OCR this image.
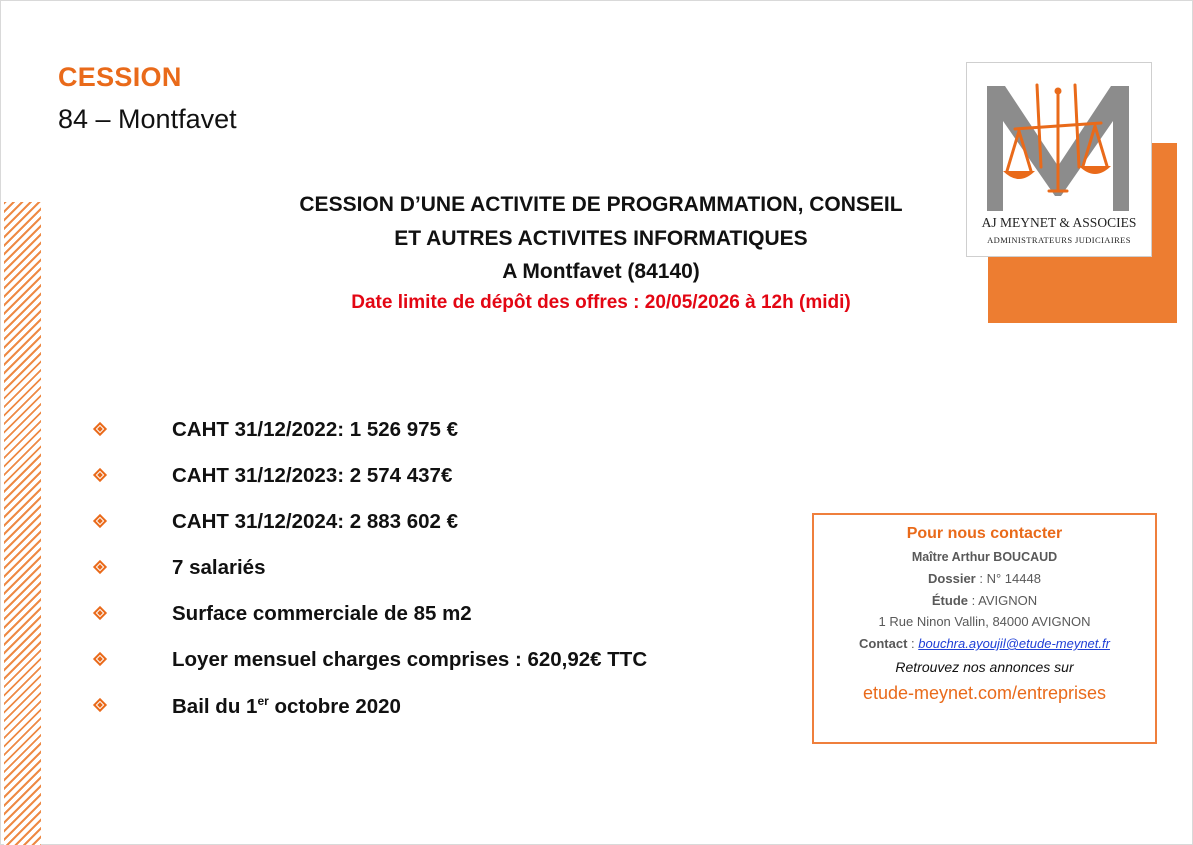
CESSION
84 – Montfavet
AJ MEYNET & ASSOCIES
ADMINISTRATEURS JUDICIAIRES
CESSION D’UNE ACTIVITE DE PROGRAMMATION, CONSEIL
ET AUTRES ACTIVITES INFORMATIQUES
A Montfavet (84140)
Date limite de dépôt des offres : 20/05/2026 à 12h (midi)
CAHT 31/12/2022: 1 526 975 €
CAHT 31/12/2023: 2 574 437€
CAHT 31/12/2024: 2 883 602 €
7 salariés
Surface commerciale de 85 m2
Loyer mensuel charges comprises : 620,92€ TTC
Bail du 1er octobre 2020
Pour nous contacter
Maître Arthur BOUCAUD
Dossier : N° 14448
Étude : AVIGNON
1 Rue Ninon Vallin, 84000 AVIGNON
Contact : bouchra.ayoujil@etude-meynet.fr
Retrouvez nos annonces sur
etude-meynet.com/entreprises
